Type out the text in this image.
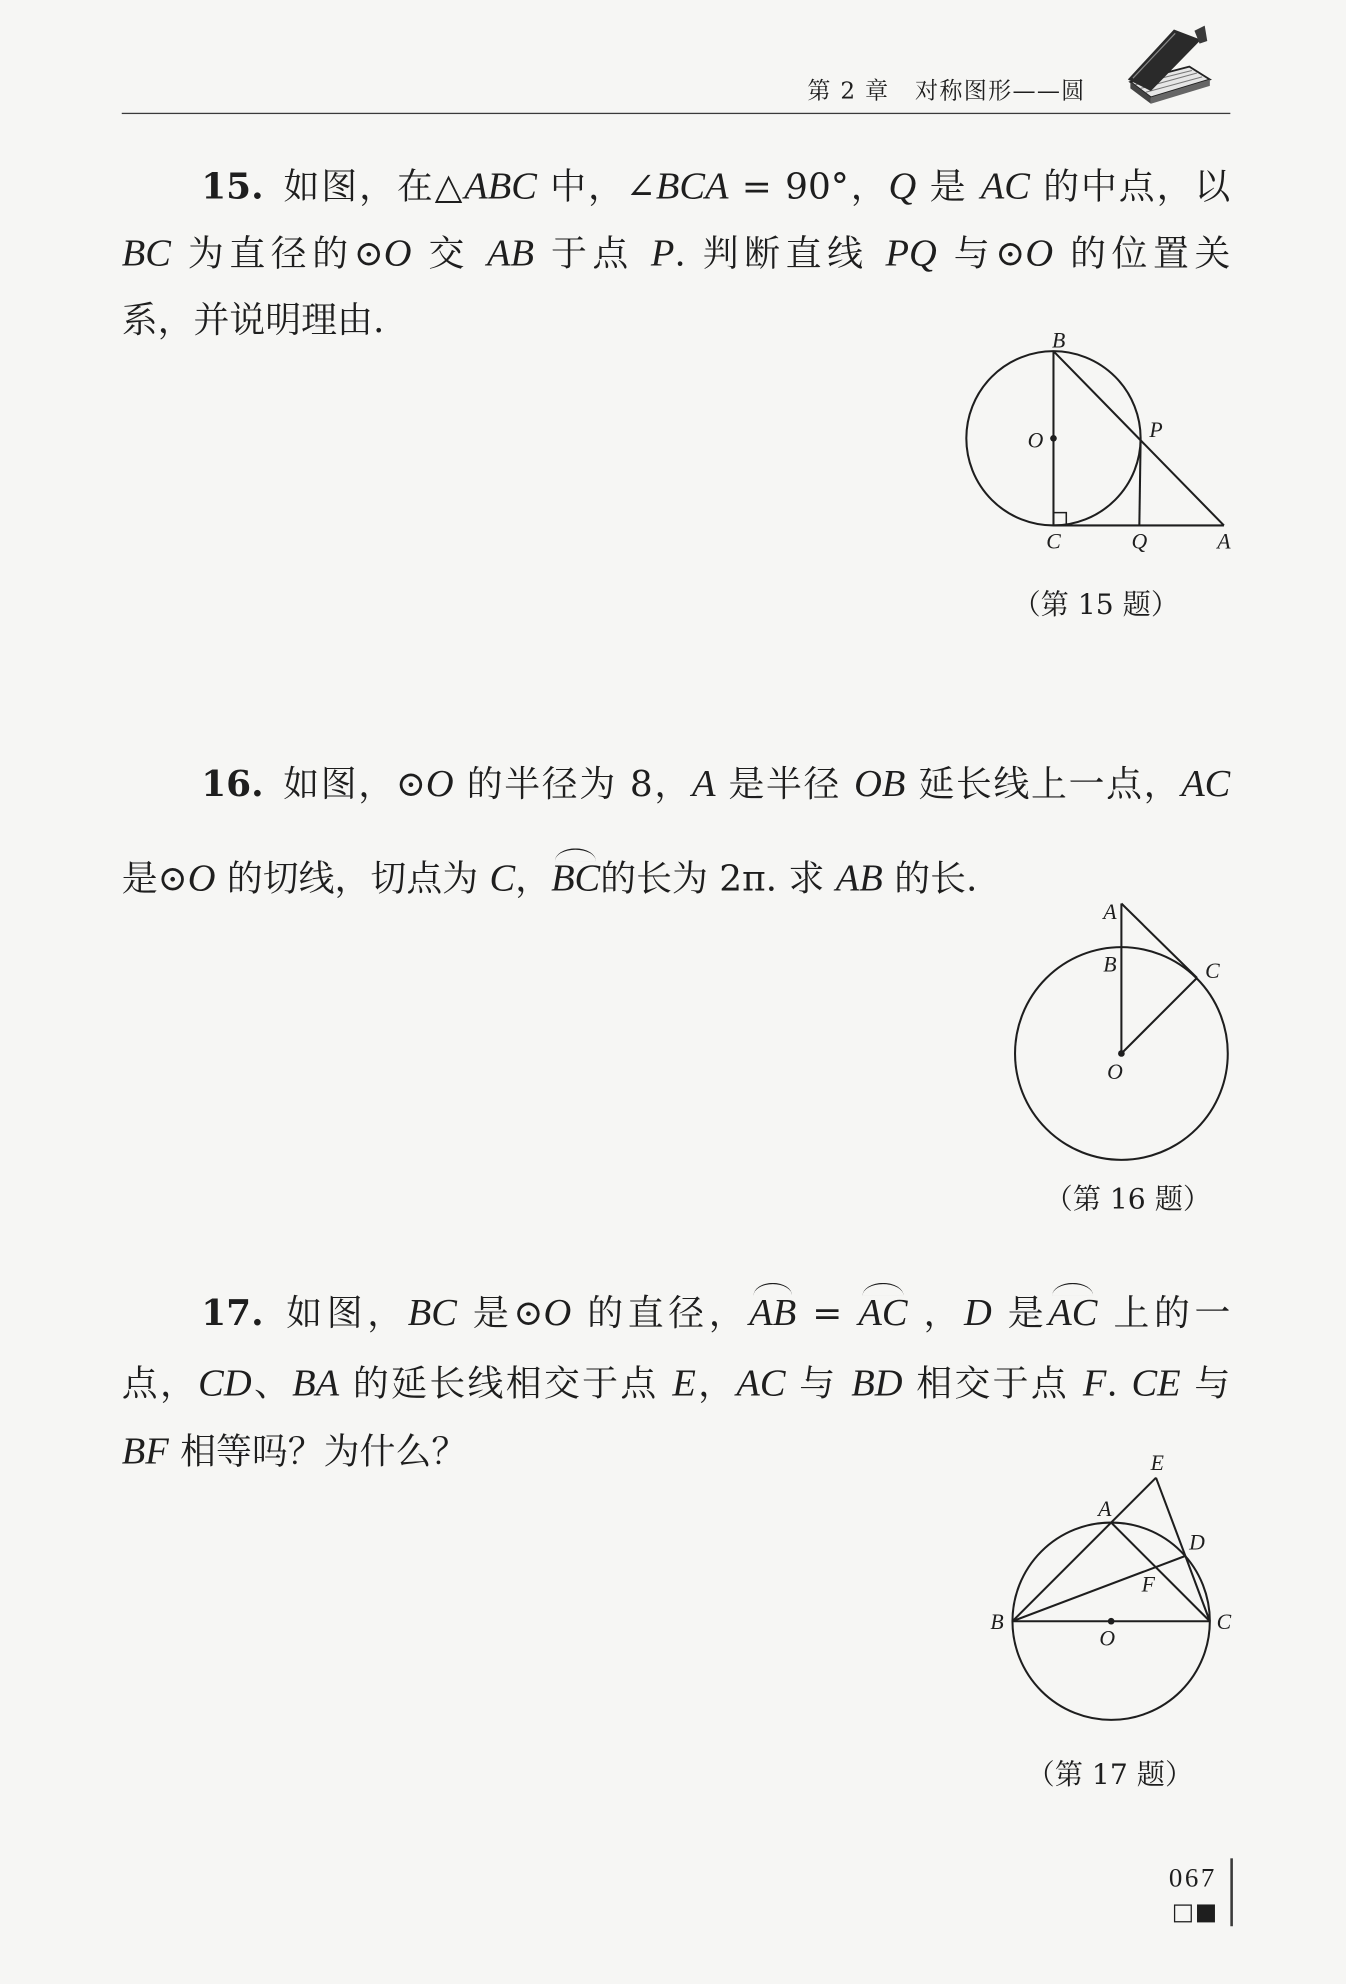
第 2 章 对称图形——圆
15. 如图，在△ABC 中，∠BCA = 90°，Q 是 AC 的中点，以
BC 为直径的⊙O 交 AB 于点 P. 判断直线 PQ 与⊙O 的位置关
系，并说明理由.
16. 如图，⊙O 的半径为 8，A 是半径 OB 延长线上一点，AC
是⊙O 的切线，切点为 C，BC的长为 2π. 求 AB 的长.
17. 如图，BC 是⊙O 的直径，AB = AC ，D 是AC 上的一
点，CD、BA 的延长线相交于点 E，AC 与 BD 相交于点 F. CE 与
BF 相等吗？为什么？
B
O	P
C	Q	A
A
B	C
O
E
A
D
F
B
O
C
（第 15 题）
（第 16 题）
（第 17 题）
067
